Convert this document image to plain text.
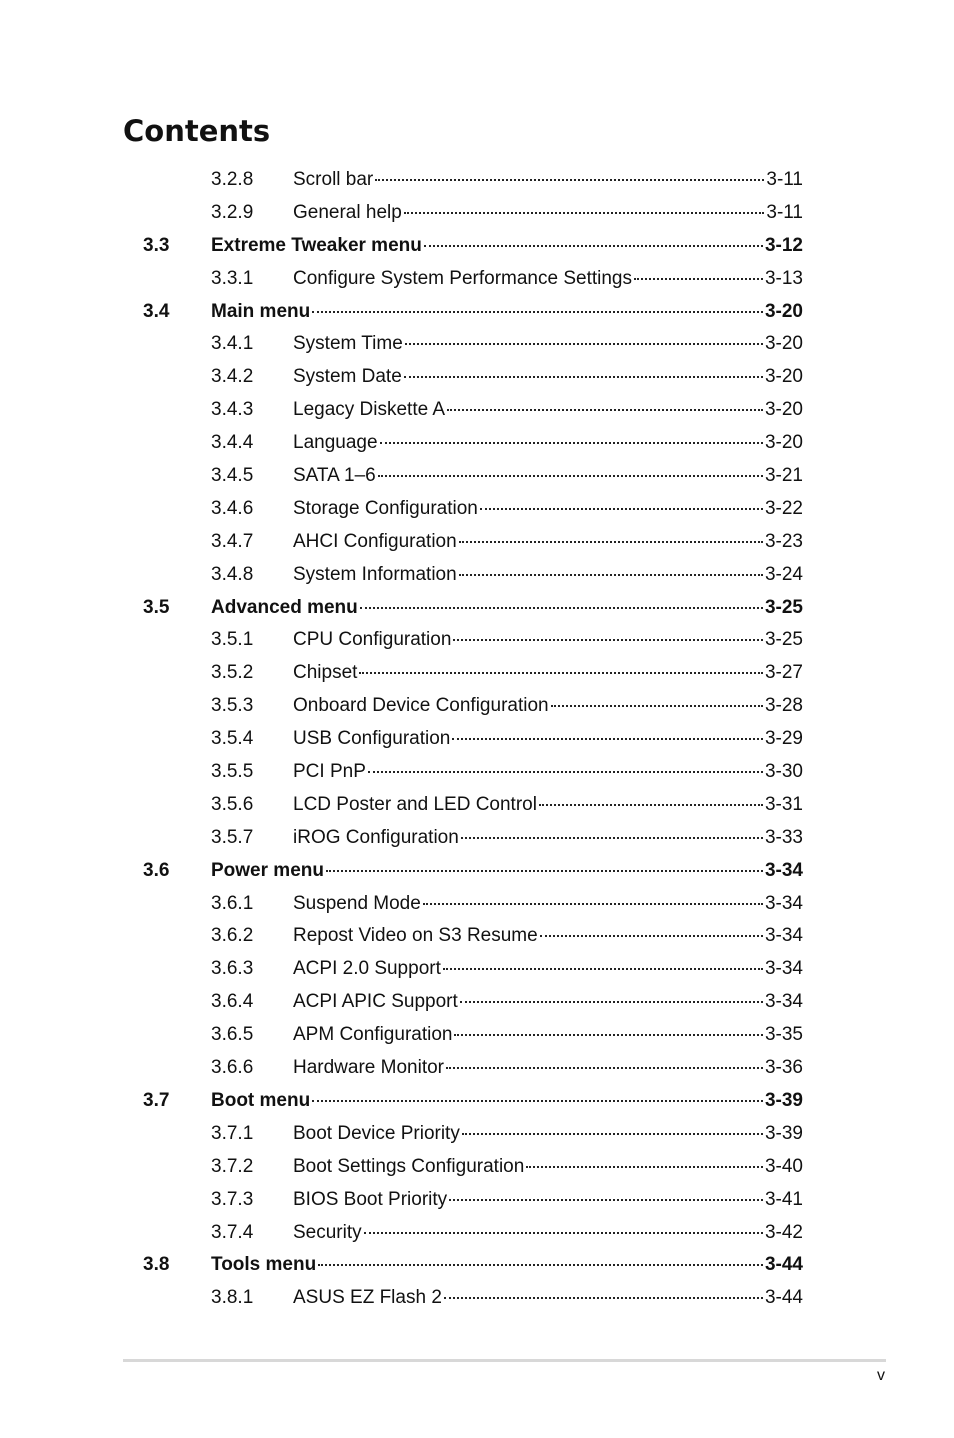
Contents
3.2.8 Scroll bar	3-11
3.2.9 General help	3-11
3.3 Extreme Tweaker menu	3-12
3.3.1 Configure System Performance Settings	3-13
3.4 Main menu	3-20
3.4.1 System Time	3-20
3.4.2 System Date	3-20
3.4.3 Legacy Diskette A	3-20
3.4.4 Language	3-20
3.4.5 SATA 1–6	3-21
3.4.6 Storage Configuration	3-22
3.4.7 AHCI Configuration	3-23
3.4.8 System Information	3-24
3.5 Advanced menu	3-25
3.5.1 CPU Configuration	3-25
3.5.2 Chipset	3-27
3.5.3 Onboard Device Configuration	3-28
3.5.4 USB Configuration	3-29
3.5.5 PCI PnP	3-30
3.5.6 LCD Poster and LED Control	3-31
3.5.7 iROG Configuration	3-33
3.6 Power menu	3-34
3.6.1 Suspend Mode	3-34
3.6.2 Repost Video on S3 Resume	3-34
3.6.3 ACPI 2.0 Support	3-34
3.6.4 ACPI APIC Support	3-34
3.6.5 APM Configuration	3-35
3.6.6 Hardware Monitor	3-36
3.7 Boot menu	3-39
3.7.1 Boot Device Priority	3-39
3.7.2 Boot Settings Configuration	3-40
3.7.3 BIOS Boot Priority	3-41
3.7.4 Security	3-42
3.8 Tools menu	3-44
3.8.1 ASUS EZ Flash 2	3-44
v
